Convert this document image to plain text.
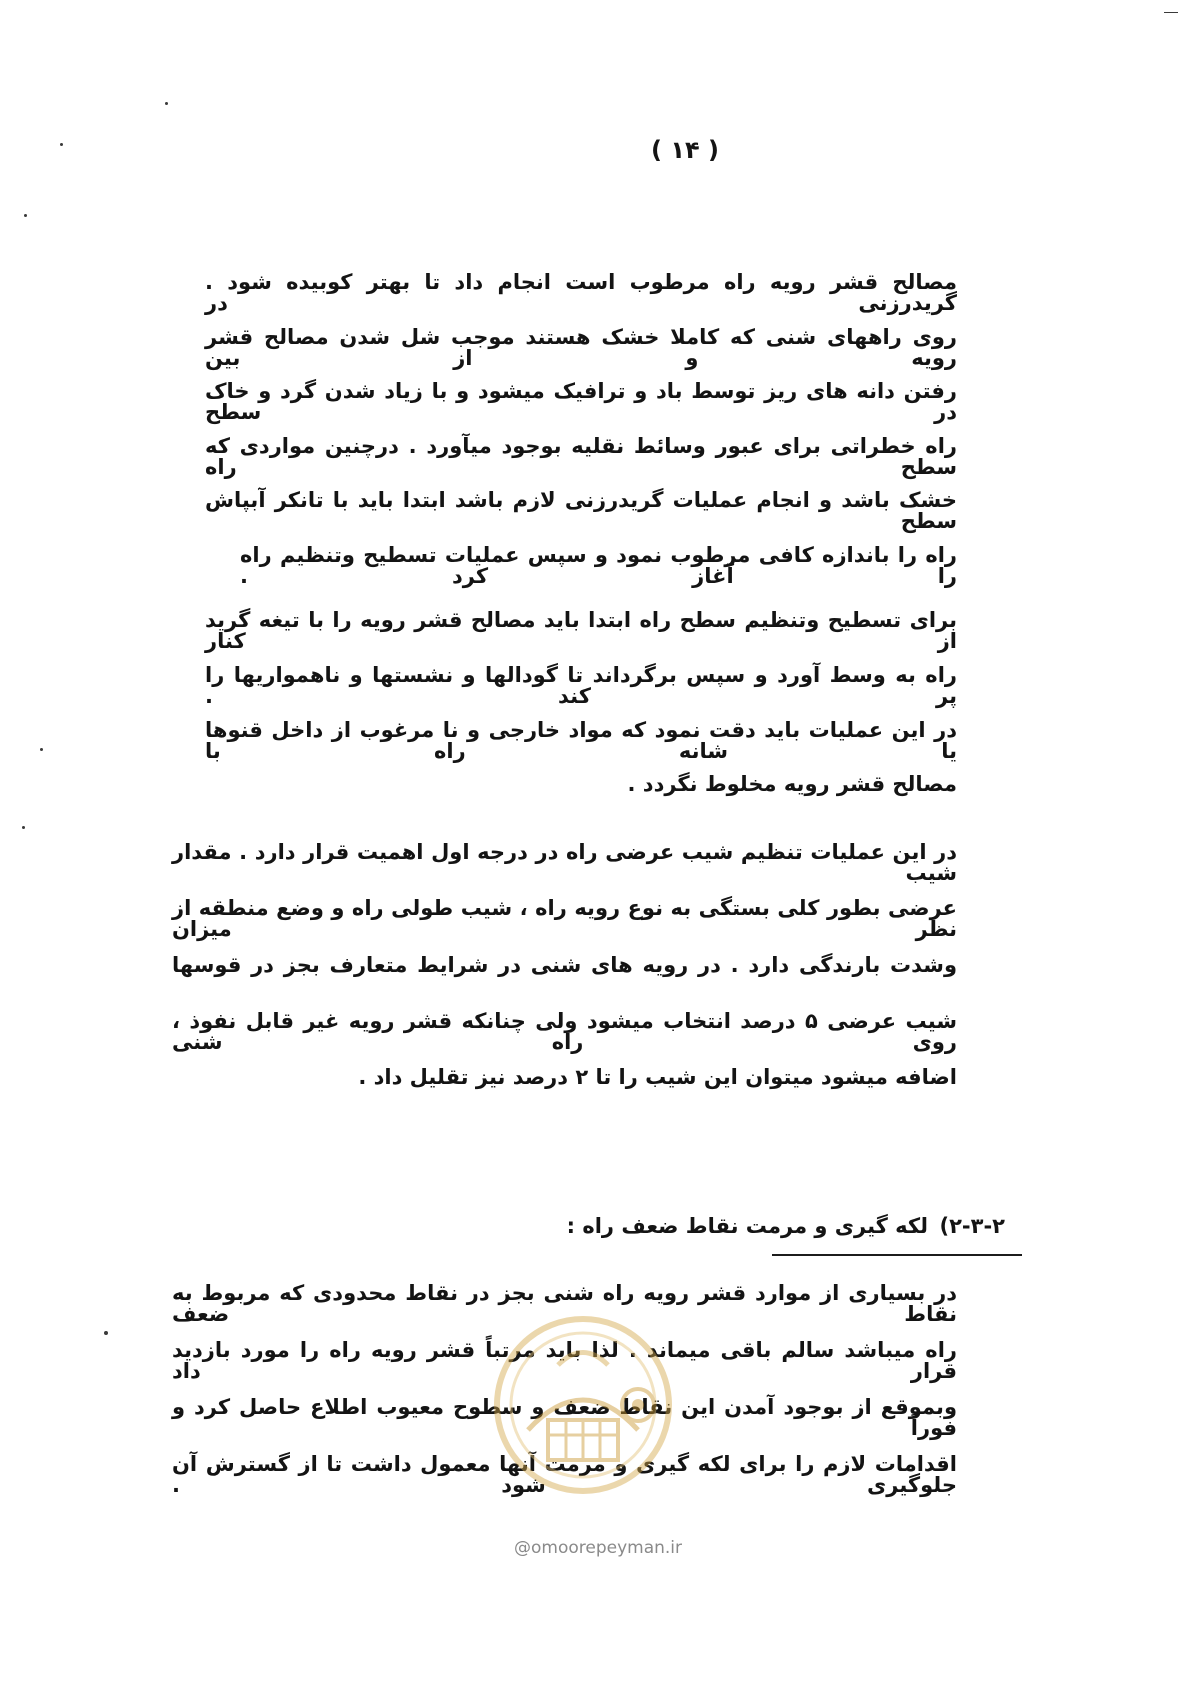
( ۱۴ )
مصالح قشر رویه راه مرطوب است انجام داد تا بهتر کوبیده شود . گریدرزنی در
روی راههای شنی که کاملا خشک هستند موجب شل شدن مصالح قشر رویه و از بین
رفتن دانه های ریز توسط باد و ترافیک میشود و با زیاد شدن گرد و خاک در سطح
راه خطراتی برای عبور وسائط نقلیه بوجود میآورد . درچنین مواردی که سطح راه
خشک باشد و انجام عملیات گریدرزنی لازم باشد ابتدا باید با تانکر آبپاش سطح
راه را باندازه کافی مرطوب نمود و سپس عملیات تسطیح وتنظیم راه را آغاز کرد .
برای تسطیح وتنظیم سطح راه ابتدا باید مصالح قشر رویه را با تیغه گرید از کنار
راه به وسط آورد و سپس برگرداند تا گودالها و نشستها و ناهمواریها را پر کند .
در این عملیات باید دقت نمود که مواد خارجی و نا مرغوب از داخل قنوها یا شانه راه با
مصالح قشر رویه مخلوط نگردد .
در این عملیات تنظیم شیب عرضی راه در درجه اول اهمیت قرار دارد . مقدار شیب
عرضی بطور کلی بستگی به نوع رویه راه ، شیب طولی راه و وضع منطقه از نظر میزان
وشدت بارندگی دارد . در رویه های شنی در شرایط متعارف بجز در قوسها
شیب عرضی ۵ درصد انتخاب میشود ولی چنانکه قشر رویه غیر قابل نفوذ ، روی راه شنی
اضافه میشود میتوان این شیب را تا ۲ درصد نیز تقلیل داد .
۲-۳-۲)
لکه گیری و مرمت نقاط ضعف راه :
در بسیاری از موارد قشر رویه راه شنی بجز در نقاط محدودی که مربوط به نقاط ضعف
راه میباشد سالم باقی میماند . لذا باید مرتباً قشر رویه راه را مورد بازدید قرار داد
وبموقع از بوجود آمدن این نقاط ضعف و سطوح معیوب اطلاع حاصل کرد و فوراً
اقدامات لازم را برای لکه گیری و مرمت آنها معمول داشت تا از گسترش آن جلوگیری شود .
@omoorepeyman.ir
